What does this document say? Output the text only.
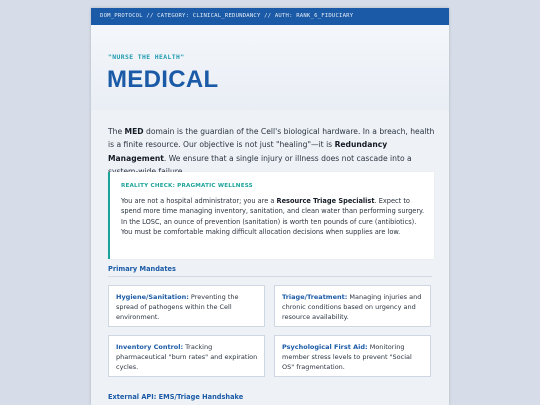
DOM_PROTOCOL // CATEGORY: CLINICAL_REDUNDANCY // AUTH: RANK_6_FIDUCIARY
"NURSE THE HEALTH"
MEDICAL
The MED domain is the guardian of the Cell's biological hardware. In a breach, health is a finite resource. Our objective is not just "healing"—it is Redundancy Management. We ensure that a single injury or illness does not cascade into a
REALITY CHECK: PRAGMATIC WELLNESS
You are not a hospital administrator; you are a Resource Triage Specialist. Expect to spend more time managing inventory, sanitation, and clean water than performing surgery. In the LOSC, an ounce of prevention (sanitation) is worth ten pounds of cure (antibiotics). You must be comfortable making difficult allocation decisions when supplies are low.
Primary Mandates
Hygiene/Sanitation: Preventing the spread of pathogens within the Cell environment.
Triage/Treatment: Managing injuries and chronic conditions based on urgency and resource availability.
Inventory Control: Tracking pharmaceutical "burn rates" and expiration cycles.
Psychological First Aid: Monitoring member stress levels to prevent "Social OS" fragmentation.
External API: EMS/Triage Handshake
